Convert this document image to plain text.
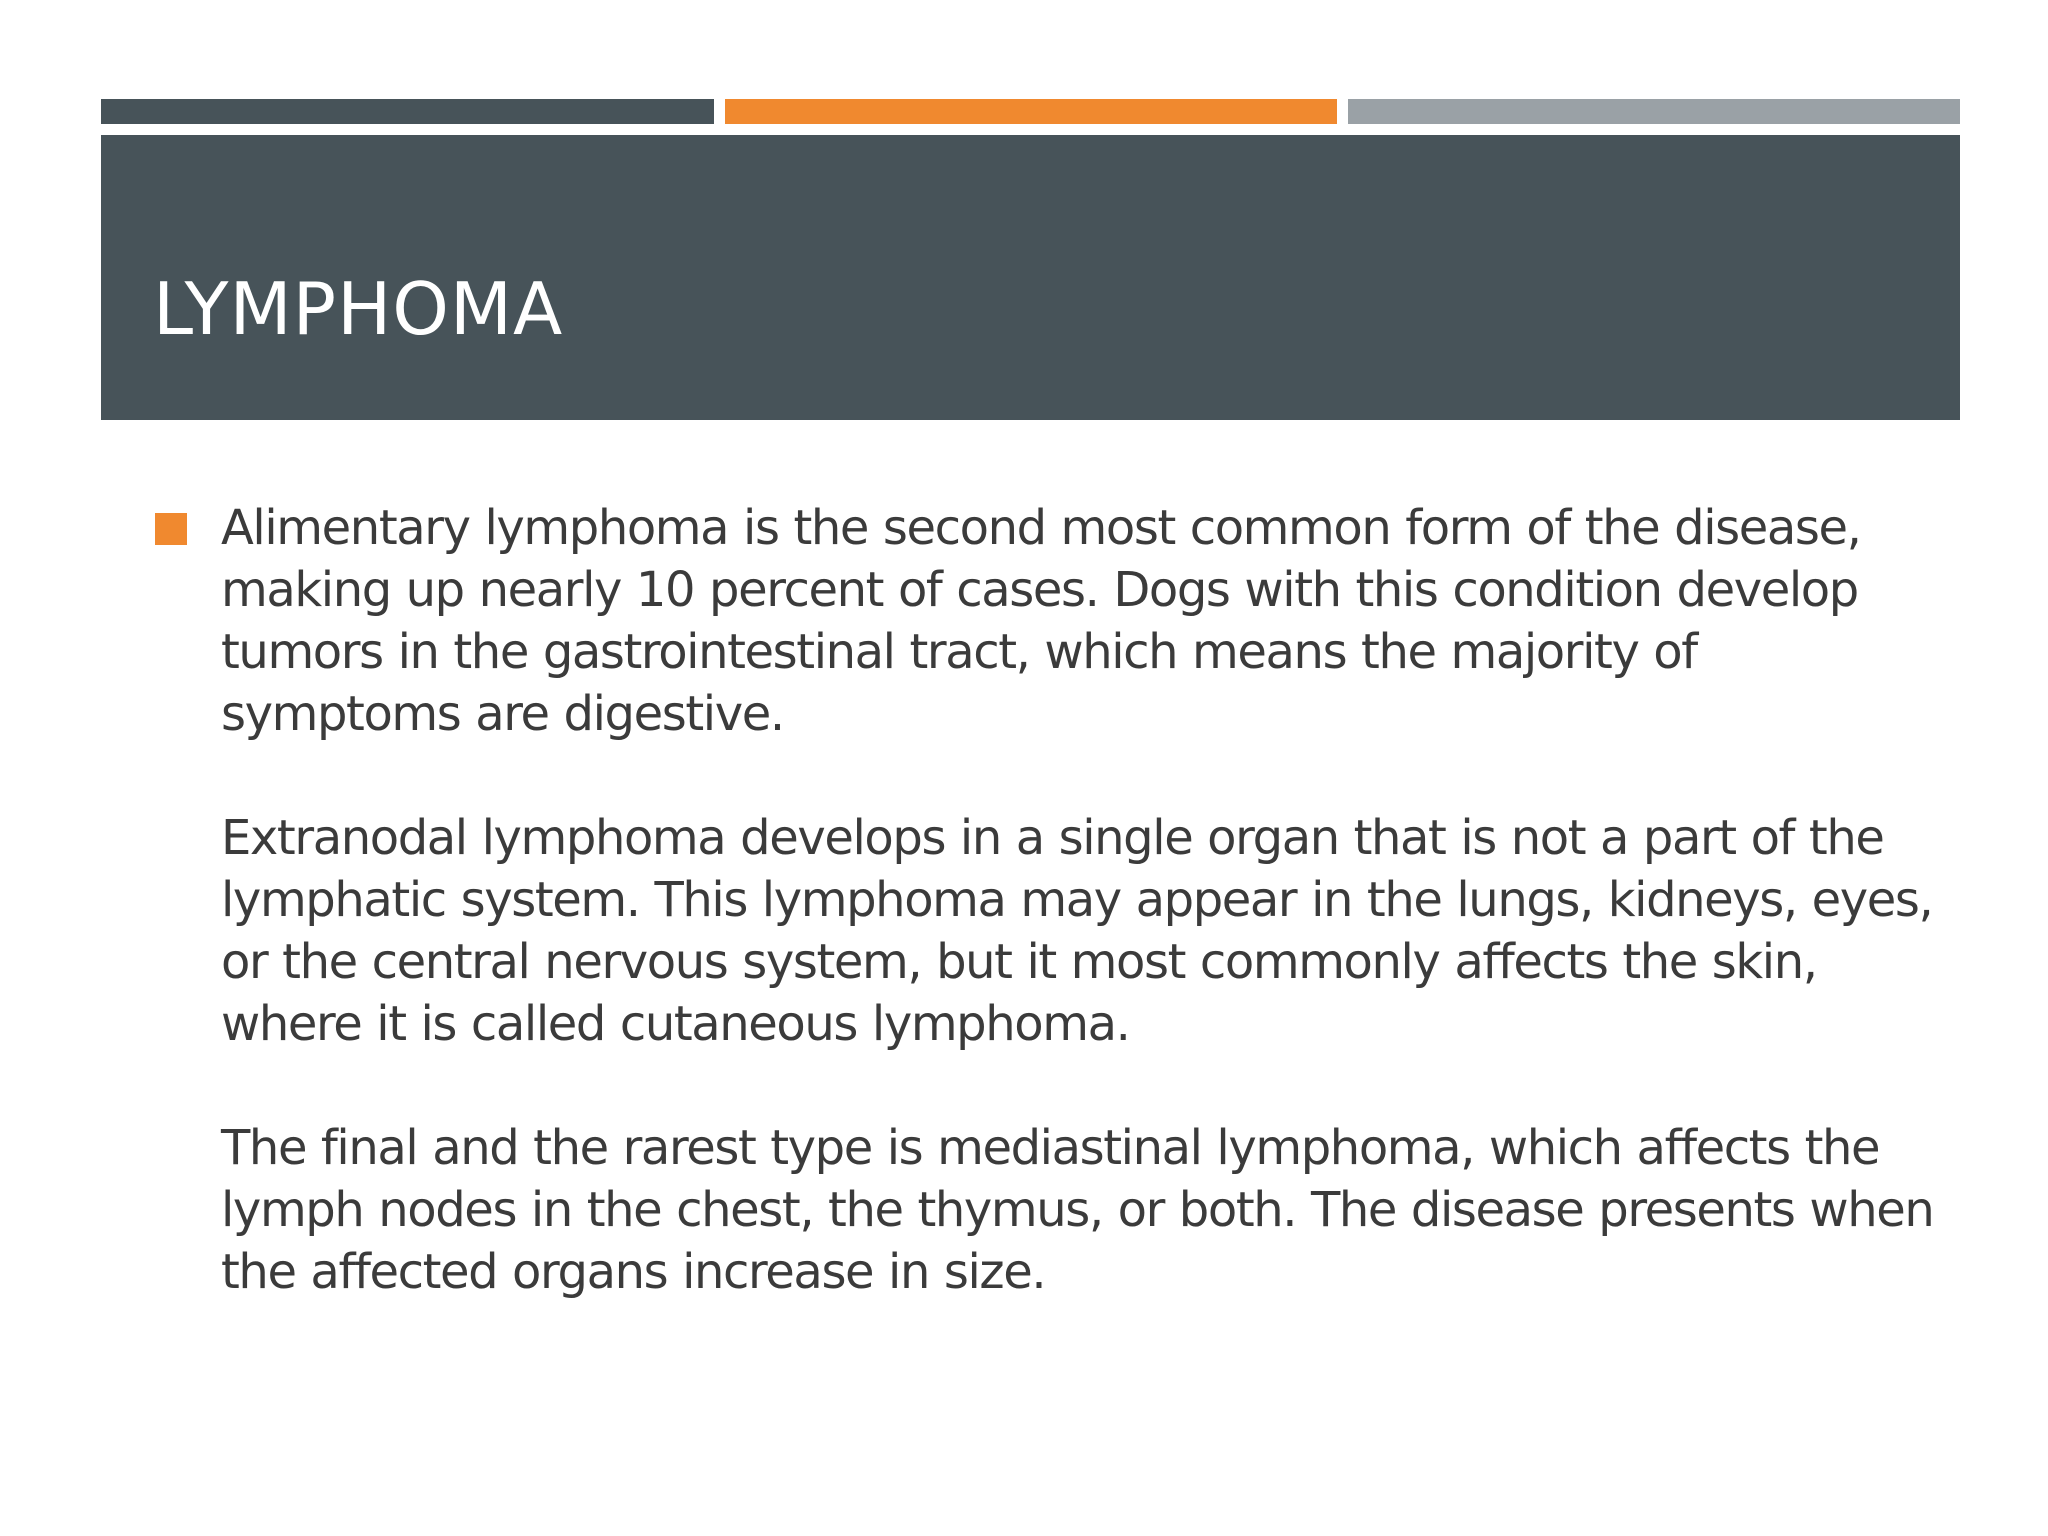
LYMPHOMA

Alimentary lymphoma is the second most common form of the disease, making up nearly 10 percent of cases. Dogs with this condition develop tumors in the gastrointestinal tract, which means the majority of symptoms are digestive.

Extranodal lymphoma develops in a single organ that is not a part of the lymphatic system. This lymphoma may appear in the lungs, kidneys, eyes, or the central nervous system, but it most commonly affects the skin, where it is called cutaneous lymphoma.

The final and the rarest type is mediastinal lymphoma, which affects the lymph nodes in the chest, the thymus, or both. The disease presents when the affected organs increase in size.
